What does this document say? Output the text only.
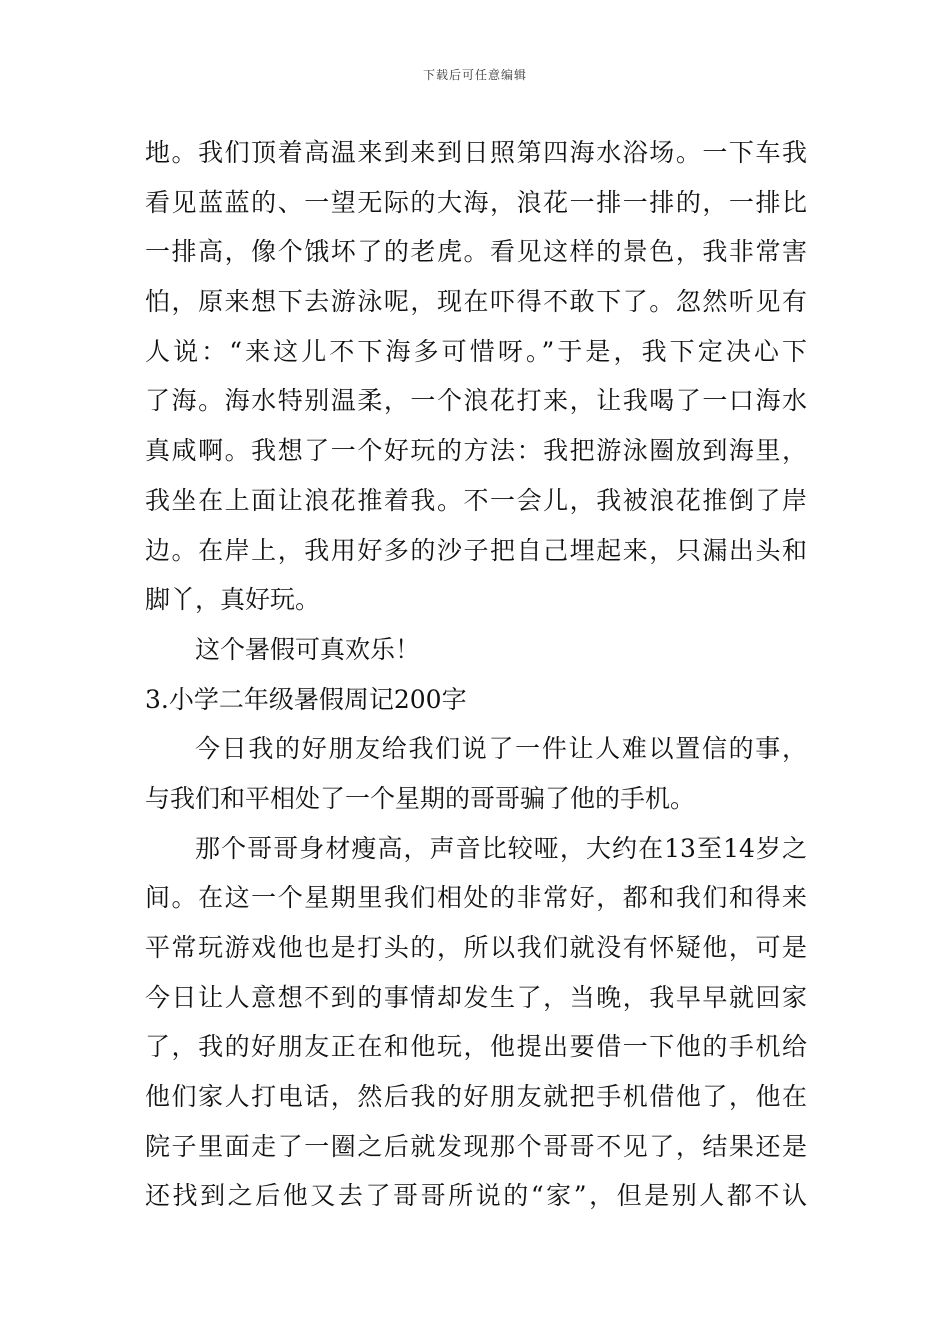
下载后可任意编辑
地。我们顶着高温来到来到日照第四海水浴场。一下车我
看见蓝蓝的、一望无际的大海，浪花一排一排的，一排比
一排高，像个饿坏了的老虎。看见这样的景色，我非常害
怕，原来想下去游泳呢，现在吓得不敢下了。忽然听见有
人说：“来这儿不下海多可惜呀。”于是，我下定决心下
了海。海水特别温柔，一个浪花打来，让我喝了一口海水
真咸啊。我想了一个好玩的方法：我把游泳圈放到海里，
我坐在上面让浪花推着我。不一会儿，我被浪花推倒了岸
边。在岸上，我用好多的沙子把自己埋起来，只漏出头和
脚丫，真好玩。
这个暑假可真欢乐！
3.小学二年级暑假周记200字
今日我的好朋友给我们说了一件让人难以置信的事，
与我们和平相处了一个星期的哥哥骗了他的手机。
那个哥哥身材瘦高，声音比较哑，大约在13至14岁之
间。在这一个星期里我们相处的非常好，都和我们和得来
平常玩游戏他也是打头的，所以我们就没有怀疑他，可是
今日让人意想不到的事情却发生了，当晚，我早早就回家
了，我的好朋友正在和他玩，他提出要借一下他的手机给
他们家人打电话，然后我的好朋友就把手机借他了，他在
院子里面走了一圈之后就发现那个哥哥不见了，结果还是
还找到之后他又去了哥哥所说的“家”，但是别人都不认
